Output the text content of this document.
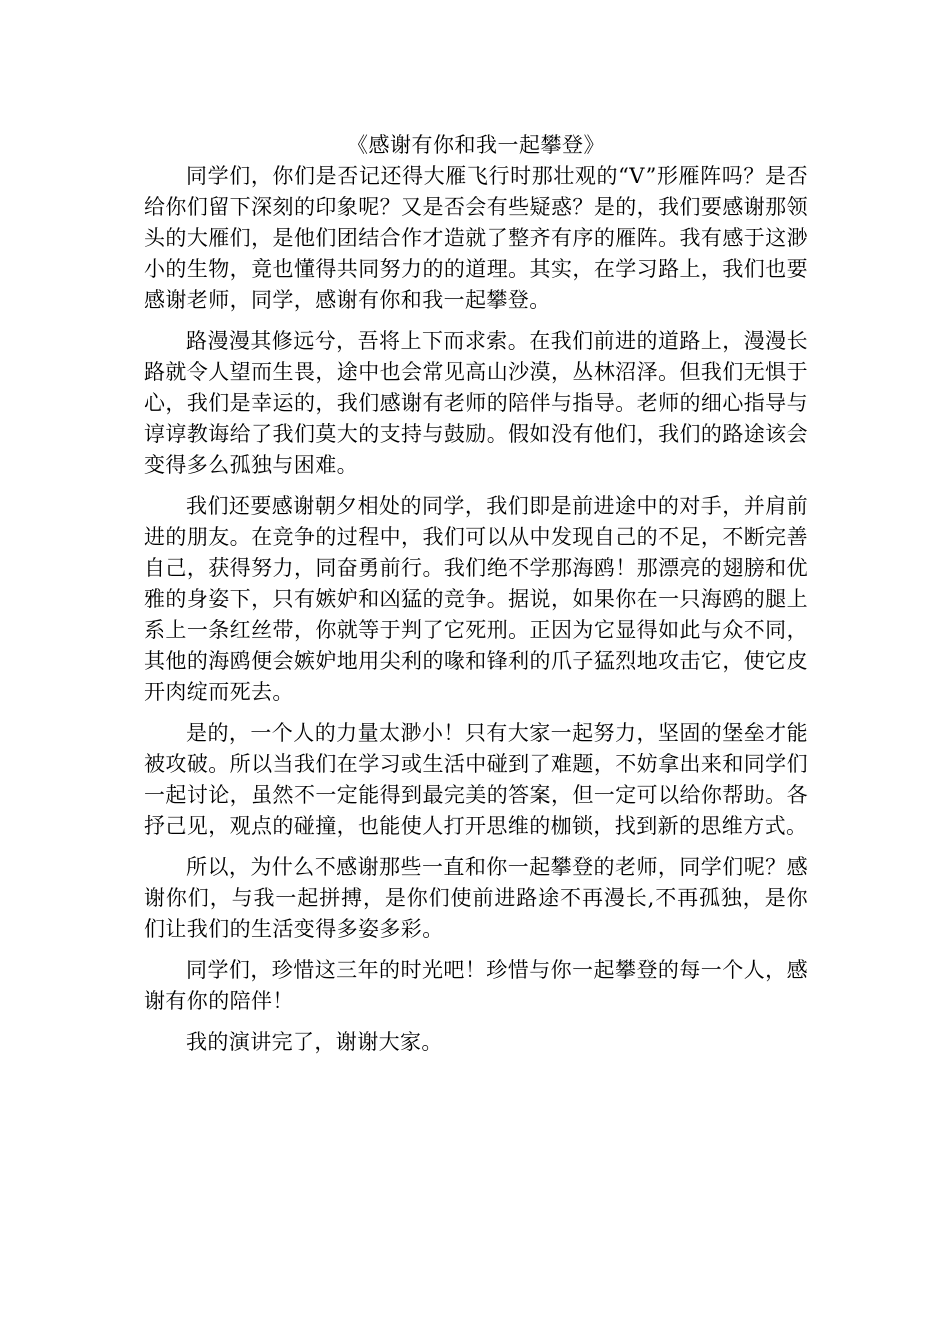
《感谢有你和我一起攀登》

同学们，你们是否记还得大雁飞行时那壮观的“V”形雁阵吗？是否给你们留下深刻的印象呢？又是否会有些疑惑？是的，我们要感谢那领头的大雁们，是他们团结合作才造就了整齐有序的雁阵。我有感于这渺小的生物，竟也懂得共同努力的的道理。其实，在学习路上，我们也要感谢老师，同学，感谢有你和我一起攀登。

路漫漫其修远兮，吾将上下而求索。在我们前进的道路上，漫漫长路就令人望而生畏，途中也会常见高山沙漠，丛林沼泽。但我们无惧于心，我们是幸运的，我们感谢有老师的陪伴与指导。老师的细心指导与谆谆教诲给了我们莫大的支持与鼓励。假如没有他们，我们的路途该会变得多么孤独与困难。

我们还要感谢朝夕相处的同学，我们即是前进途中的对手，并肩前进的朋友。在竞争的过程中，我们可以从中发现自己的不足，不断完善自己，获得努力，同奋勇前行。我们绝不学那海鸥！那漂亮的翅膀和优雅的身姿下，只有嫉妒和凶猛的竞争。据说，如果你在一只海鸥的腿上系上一条红丝带，你就等于判了它死刑。正因为它显得如此与众不同，其他的海鸥便会嫉妒地用尖利的喙和锋利的爪子猛烈地攻击它，使它皮开肉绽而死去。

是的，一个人的力量太渺小！只有大家一起努力，坚固的堡垒才能被攻破。所以当我们在学习或生活中碰到了难题，不妨拿出来和同学们一起讨论，虽然不一定能得到最完美的答案，但一定可以给你帮助。各抒己见，观点的碰撞，也能使人打开思维的枷锁，找到新的思维方式。

所以，为什么不感谢那些一直和你一起攀登的老师，同学们呢？感谢你们，与我一起拼搏，是你们使前进路途不再漫长,不再孤独，是你们让我们的生活变得多姿多彩。

同学们，珍惜这三年的时光吧！珍惜与你一起攀登的每一个人，感谢有你的陪伴！

我的演讲完了，谢谢大家。
